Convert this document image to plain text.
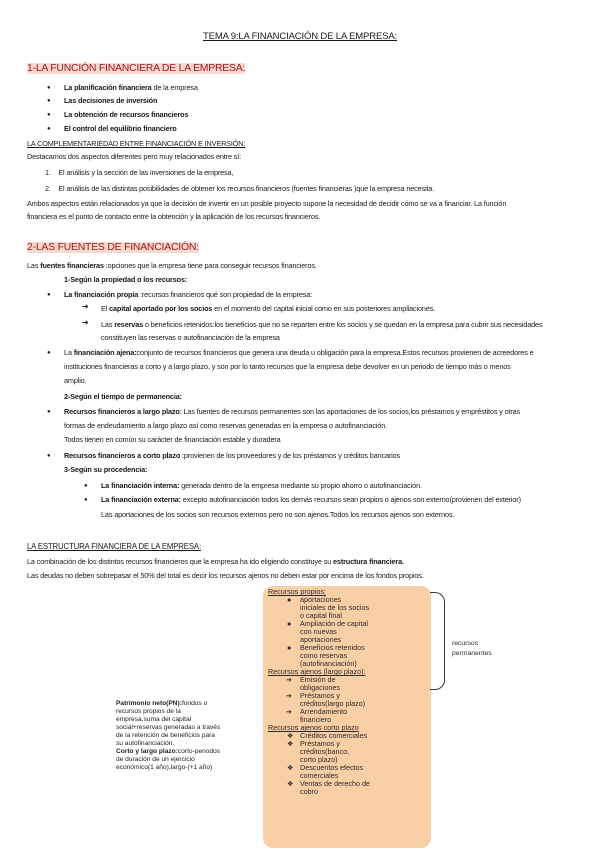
TEMA 9:LA FINANCIACIÓN DE LA EMPRESA:
1-LA FUNCIÓN FINANCIERA DE LA EMPRESA:
● La planificación financiera de la empresa
● Las decisiones de inversión
● La obtención de recursos financieros
● El control del equilibrio financiero
LA COMPLEMENTARIEDAD ENTRE FINANCIACIÓN E INVERSIÓN:
Destacamos dos aspectos diferentes pero muy relacionados entre sí:
1. El análisis y la sección de las inversiones de la empresa,
2. El análisis de las distintas posibilidades de obtener los recursos financieros (fuentes financieras )que la empresa necesita.
Ambos aspectos están relacionados ya que la decisión de invertir en un posible proyecto supone la necesidad de decidir cómo se va a financiar. La función
financiera es el punto de contacto entre la obtención y la aplicación de los recursos financieros.
2-LAS FUENTES DE FINANCIACIÓN:
Las fuentes financieras :opciones que la empresa tiene para conseguir recursos financieros.
1-Según la propiedad o los recursos:
● La financiación propia :recursos financieros qué son propiedad de la empresa:
➔ El capital aportado por los socios en el momento del capital inicial como en sus posteriores ampliaciones.
➔ Las reservas o beneficios retenidos:los beneficios que no se reparten entre los socios y se quedan en la empresa para cubrir sus necesidades
constituyen las reservas o autofinanciación de la empresa
● La financiación ajena:conjunto de recursos financieros que genera una deuda u obligación para la empresa.Estos recursos provienen de acreedores e
instituciones financieras a corto y a largo plazo, y son por lo tanto recursos que la empresa debe devolver en un periodo de tiempo más o menos
amplio.
2-Según el tiempo de permanencia:
● Recursos financieros a largo plazo: Las fuentes de recursos permanentes son las aportaciones de los socios,los préstamos y empréstitos y otras
formas de endeudamiento a largo plazo así como reservas generadas en la empresa o autofinanciación.
Todos tienen en común su carácter de financiación estable y duradera
● Recursos financieros a corto plazo :provienen de los proveedores y de los préstamos y créditos bancarios
3-Según su procedencia:
● La financiación interna: generada dentro de la empresa mediante su propio ahorro o autofinanciación.
● La financiación externa: excepto autofinanciación todos los demás recursos sean propios o ajenos son externo(provienen del exterior)
Las aportaciones de los socios son recursos externos pero no son ajenos.Todos los recursos ajenos son externos.
LA ESTRUCTURA FINANCIERA DE LA EMPRESA:
La combinación de los distintos recursos financieros que la empresa ha ido eligiendo constituye su estructura financiera.
Las deudas no deben sobrepasar el 50% del total es decir los recursos ajenos no deben estar por encima de los fondos propios.
recursos
permanentes
Recursos propios:
● aportaciones
iniciales de los socios
o capital final
● Ampliación de capital
con nuevas
aportaciones
● Beneficios retenidos
como reservas
(autofinanciación)
Recursos ajenos (largo plazo):
➔ Emisión de
obligaciones
➔ Préstamos y
créditos(largo plazo)
➔ Arrendamiento
financiero
Recursos ajenos corto plazo
❖ Créditos comerciales
❖ Préstamos y
créditos(banco,
corto plazo)
❖ Descuentos efectos
comerciales
❖ Ventas de derecho de
cobro
Patrimonio neto(PN):fondos o
recursos propios de la
empresa,suma del capital
social+reservas generadas a través
de la retención de beneficios para
su autofinanciación.
Corto y largo plazo:corto-periodos
de duración de un ejercicio
económico(1 año),largo-(+1 año)
